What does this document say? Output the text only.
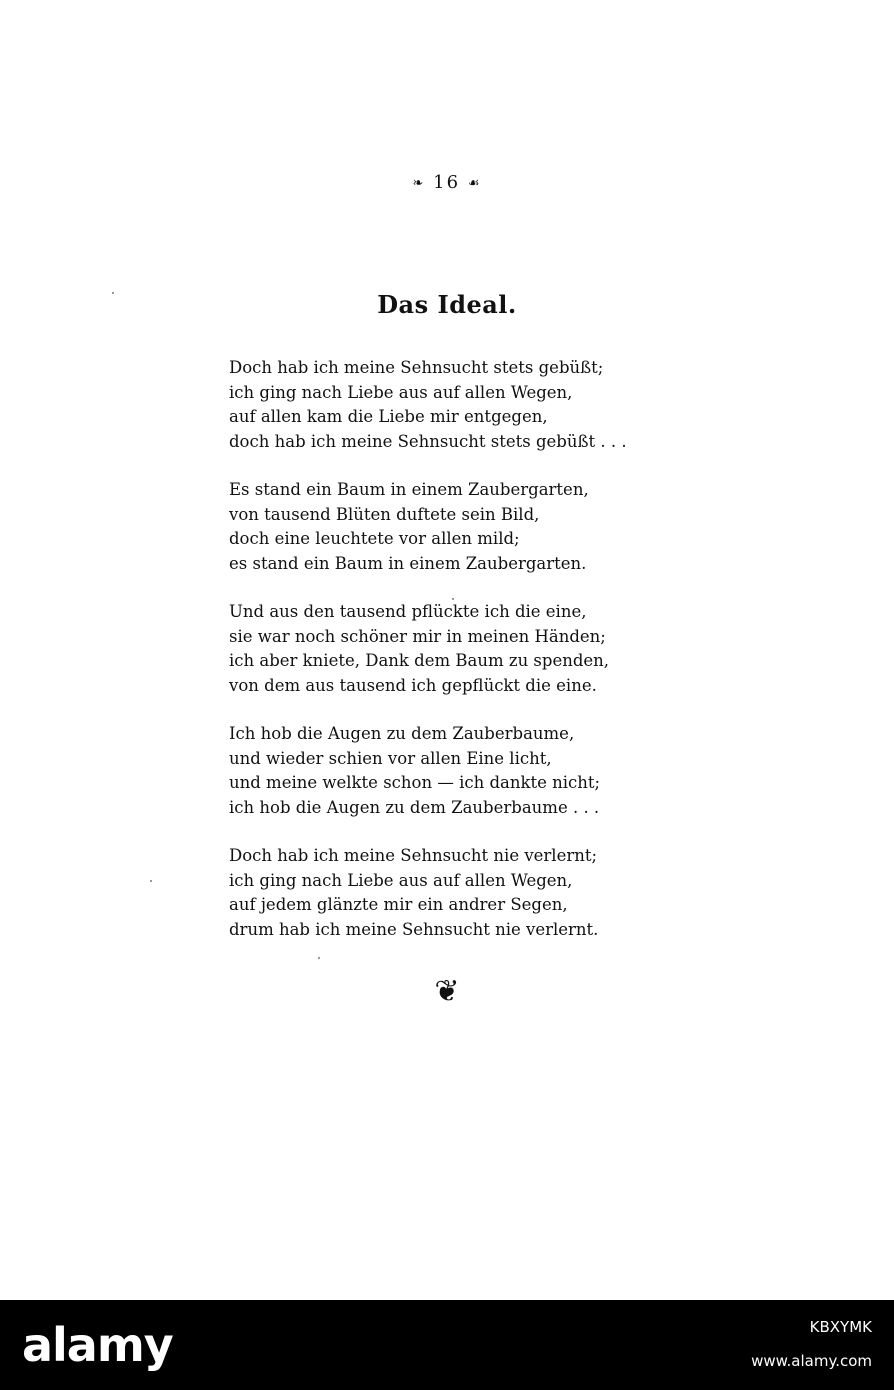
❧ 16 ☙
Das Ideal.
Doch hab ich meine Sehnsucht stets gebüßt;
ich ging nach Liebe aus auf allen Wegen,
auf allen kam die Liebe mir entgegen,
doch hab ich meine Sehnsucht stets gebüßt . . .
Es stand ein Baum in einem Zaubergarten,
von tausend Blüten duftete sein Bild,
doch eine leuchtete vor allen mild;
es stand ein Baum in einem Zaubergarten.
Und aus den tausend pflückte ich die eine,
sie war noch schöner mir in meinen Händen;
ich aber kniete, Dank dem Baum zu spenden,
von dem aus tausend ich gepflückt die eine.
Ich hob die Augen zu dem Zauberbaume,
und wieder schien vor allen Eine licht,
und meine welkte schon — ich dankte nicht;
ich hob die Augen zu dem Zauberbaume . . .
Doch hab ich meine Sehnsucht nie verlernt;
ich ging nach Liebe aus auf allen Wegen,
auf jedem glänzte mir ein andrer Segen,
drum hab ich meine Sehnsucht nie verlernt.
❦
alamy	KBXYMK
www.alamy.com
